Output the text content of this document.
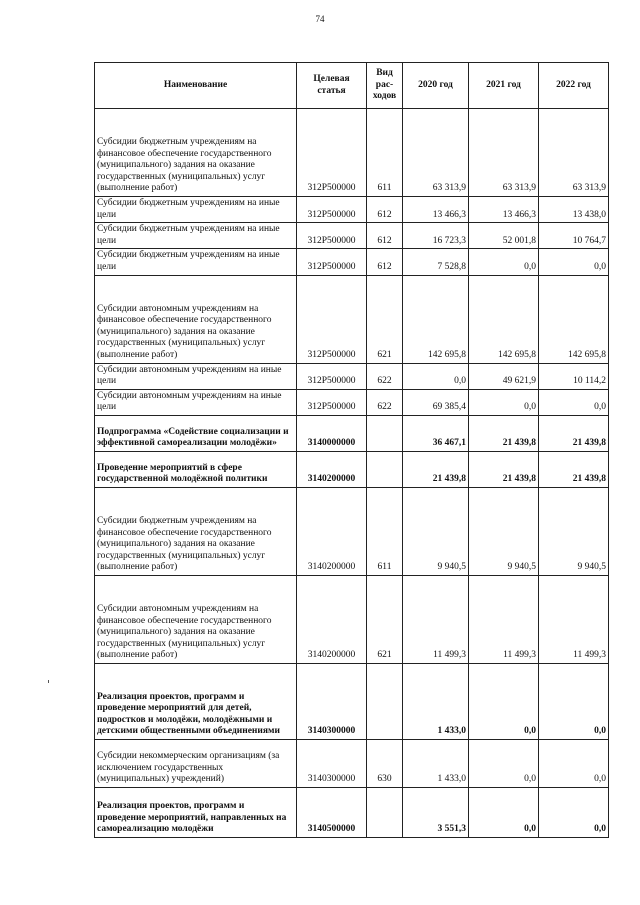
74
Наименование	Целевая статья	Вид рас-ходов	2020 год	2021 год	2022 год
Субсидии бюджетным учреждениям на финансовое обеспечение государственного (муниципального) задания на оказание государственных (муниципальных) услуг (выполнение работ)	312Р500000	611	63 313,9	63 313,9	63 313,9
Субсидии бюджетным учреждениям на иные цели	312Р500000	612	13 466,3	13 466,3	13 438,0
Субсидии бюджетным учреждениям на иные цели	312Р500000	612	16 723,3	52 001,8	10 764,7
Субсидии бюджетным учреждениям на иные цели	312Р500000	612	7 528,8	0,0	0,0
Субсидии автономным учреждениям на финансовое обеспечение государственного (муниципального) задания на оказание государственных (муниципальных) услуг (выполнение работ)	312Р500000	621	142 695,8	142 695,8	142 695,8
Субсидии автономным учреждениям на иные цели	312Р500000	622	0,0	49 621,9	10 114,2
Субсидии автономным учреждениям на иные цели	312Р500000	622	69 385,4	0,0	0,0
Подпрограмма «Содействие социализации и эффективной самореализации молодёжи»	3140000000		36 467,1	21 439,8	21 439,8
Проведение мероприятий в сфере государственной молодёжной политики	3140200000		21 439,8	21 439,8	21 439,8
Субсидии бюджетным учреждениям на финансовое обеспечение государственного (муниципального) задания на оказание государственных (муниципальных) услуг (выполнение работ)	3140200000	611	9 940,5	9 940,5	9 940,5
Субсидии автономным учреждениям на финансовое обеспечение государственного (муниципального) задания на оказание государственных (муниципальных) услуг (выполнение работ)	3140200000	621	11 499,3	11 499,3	11 499,3
Реализация проектов, программ и проведение мероприятий для детей, подростков и молодёжи, молодёжными и детскими общественными объединениями	3140300000		1 433,0	0,0	0,0
Субсидии некоммерческим организациям (за исключением государственных (муниципальных) учреждений)	3140300000	630	1 433,0	0,0	0,0
Реализация проектов, программ и проведение мероприятий, направленных на самореализацию молодёжи	3140500000		3 551,3	0,0	0,0
